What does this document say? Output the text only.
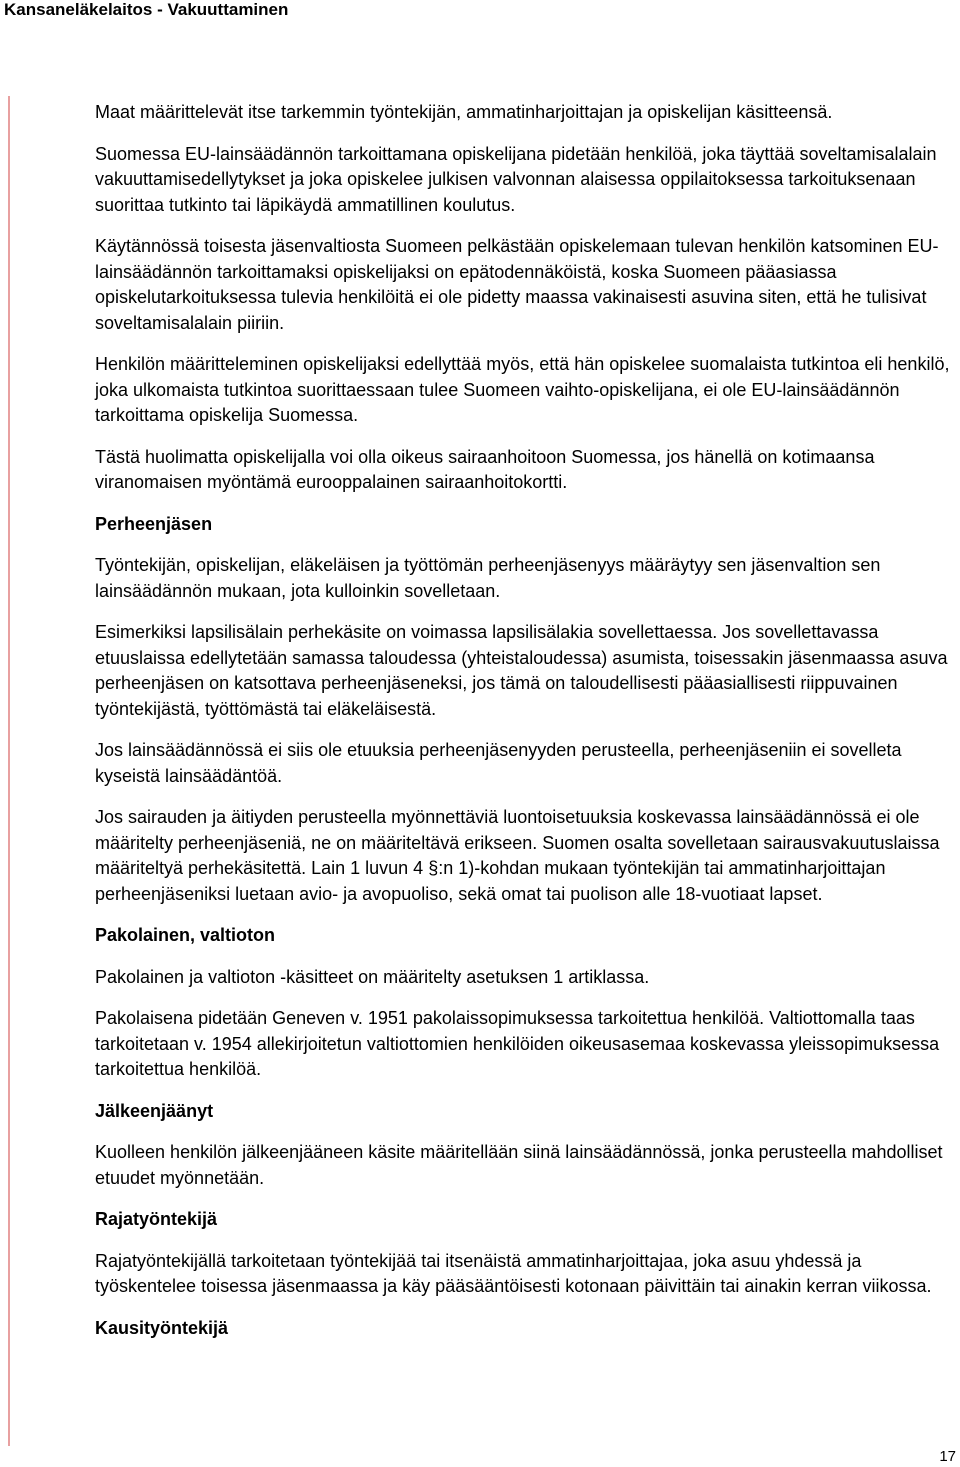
Kansaneläkelaitos - Vakuuttaminen

Maat määrittelevät itse tarkemmin työntekijän, ammatinharjoittajan ja opiskelijan käsitteensä.

Suomessa EU-lainsäädännön tarkoittamana opiskelijana pidetään henkilöä, joka täyttää soveltamisalalain vakuuttamisedellytykset ja joka opiskelee julkisen valvonnan alaisessa oppilaitoksessa tarkoituksenaan suorittaa tutkinto tai läpikäydä ammatillinen koulutus.

Käytännössä toisesta jäsenvaltiosta Suomeen pelkästään opiskelemaan tulevan henkilön katsominen EU-lainsäädännön tarkoittamaksi opiskelijaksi on epätodennäköistä, koska Suomeen pääasiassa opiskelutarkoituksessa tulevia henkilöitä ei ole pidetty maassa vakinaisesti asuvina siten, että he tulisivat soveltamisalalain piiriin.

Henkilön määritteleminen opiskelijaksi edellyttää myös, että hän opiskelee suomalaista tutkintoa eli henkilö, joka ulkomaista tutkintoa suorittaessaan tulee Suomeen vaihto-opiskelijana, ei ole EU-lainsäädännön tarkoittama opiskelija Suomessa.

Tästä huolimatta opiskelijalla voi olla oikeus sairaanhoitoon Suomessa, jos hänellä on kotimaansa viranomaisen myöntämä eurooppalainen sairaanhoitokortti.

Perheenjäsen

Työntekijän, opiskelijan, eläkeläisen ja työttömän perheenjäsenyys määräytyy sen jäsenvaltion sen lainsäädännön mukaan, jota kulloinkin sovelletaan.

Esimerkiksi lapsilisälain perhekäsite on voimassa lapsilisälakia sovellettaessa. Jos sovellettavassa etuuslaissa edellytetään samassa taloudessa (yhteistaloudessa) asumista, toisessakin jäsenmaassa asuva perheenjäsen on katsottava perheenjäseneksi, jos tämä on taloudellisesti pääasiallisesti riippuvainen työntekijästä, työttömästä tai eläkeläisestä.

Jos lainsäädännössä ei siis ole etuuksia perheenjäsenyyden perusteella, perheenjäseniin ei sovelleta kyseistä lainsäädäntöä.

Jos sairauden ja äitiyden perusteella myönnettäviä luontoisetuuksia koskevassa lainsäädännössä ei ole määritelty perheenjäseniä, ne on määriteltävä erikseen. Suomen osalta sovelletaan sairausvakuutuslaissa määriteltyä perhekäsitettä. Lain 1 luvun 4 §:n 1)-kohdan mukaan työntekijän tai ammatinharjoittajan perheenjäseniksi luetaan avio- ja avopuoliso, sekä omat tai puolison alle 18-vuotiaat lapset.

Pakolainen, valtioton

Pakolainen ja valtioton -käsitteet on määritelty asetuksen 1 artiklassa.

Pakolaisena pidetään Geneven v. 1951 pakolaissopimuksessa tarkoitettua henkilöä. Valtiottomalla taas tarkoitetaan v. 1954 allekirjoitetun valtiottomien henkilöiden oikeusasemaa koskevassa yleissopimuksessa tarkoitettua henkilöä.

Jälkeenjäänyt

Kuolleen henkilön jälkeenjääneen käsite määritellään siinä lainsäädännössä, jonka perusteella mahdolliset etuudet myönnetään.

Rajatyöntekijä

Rajatyöntekijällä tarkoitetaan työntekijää tai itsenäistä ammatinharjoittajaa, joka asuu yhdessä ja työskentelee toisessa jäsenmaassa ja käy pääsääntöisesti kotonaan päivittäin tai ainakin kerran viikossa.

Kausityöntekijä
17
